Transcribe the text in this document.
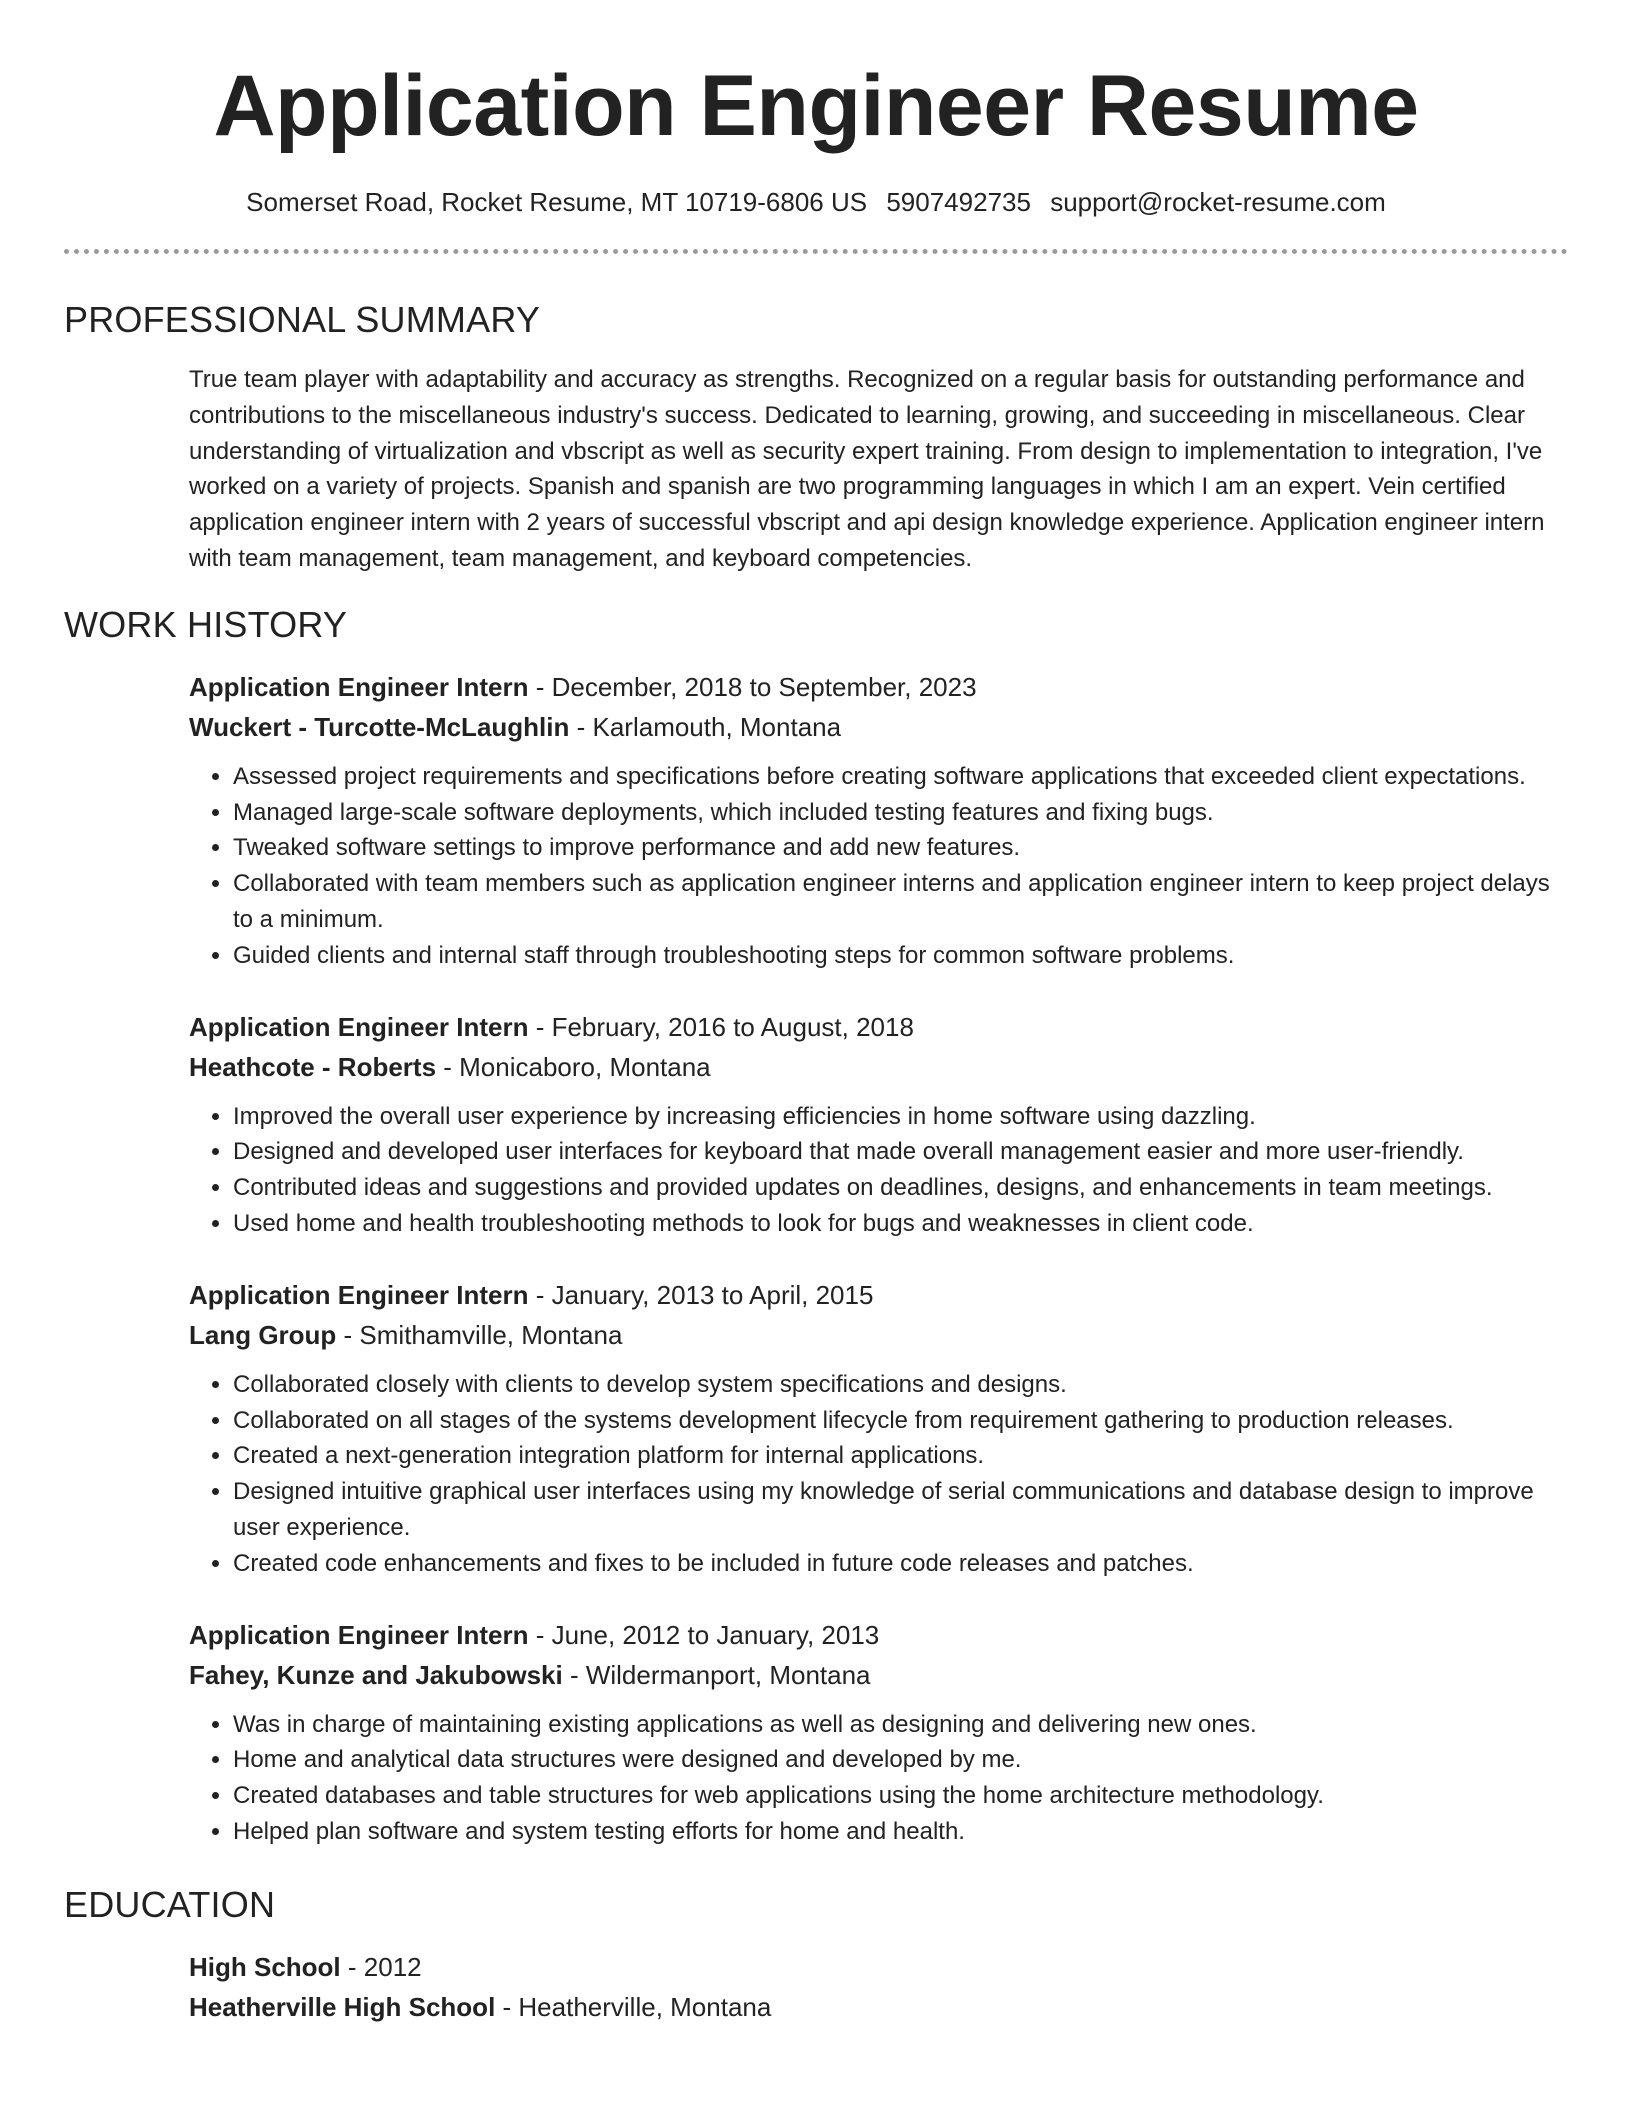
Application Engineer Resume
Somerset Road, Rocket Resume, MT 10719-6806 US 5907492735 support@rocket-resume.com
PROFESSIONAL SUMMARY

True team player with adaptability and accuracy as strengths. Recognized on a regular basis for outstanding performance and contributions to the miscellaneous industry's success. Dedicated to learning, growing, and succeeding in miscellaneous. Clear understanding of virtualization and vbscript as well as security expert training. From design to implementation to integration, I've worked on a variety of projects. Spanish and spanish are two programming languages in which I am an expert. Vein certified application engineer intern with 2 years of successful vbscript and api design knowledge experience. Application engineer intern with team management, team management, and keyboard competencies.

WORK HISTORY
Application Engineer Intern - December, 2018 to September, 2023
Wuckert - Turcotte-McLaughlin - Karlamouth, Montana
• Assessed project requirements and specifications before creating software applications that exceeded client expectations.
• Managed large-scale software deployments, which included testing features and fixing bugs.
• Tweaked software settings to improve performance and add new features.
• Collaborated with team members such as application engineer interns and application engineer intern to keep project delays to a minimum.
• Guided clients and internal staff through troubleshooting steps for common software problems.
Application Engineer Intern - February, 2016 to August, 2018
Heathcote - Roberts - Monicaboro, Montana
• Improved the overall user experience by increasing efficiencies in home software using dazzling.
• Designed and developed user interfaces for keyboard that made overall management easier and more user-friendly.
• Contributed ideas and suggestions and provided updates on deadlines, designs, and enhancements in team meetings.
• Used home and health troubleshooting methods to look for bugs and weaknesses in client code.
Application Engineer Intern - January, 2013 to April, 2015
Lang Group - Smithamville, Montana
• Collaborated closely with clients to develop system specifications and designs.
• Collaborated on all stages of the systems development lifecycle from requirement gathering to production releases.
• Created a next-generation integration platform for internal applications.
• Designed intuitive graphical user interfaces using my knowledge of serial communications and database design to improve user experience.
• Created code enhancements and fixes to be included in future code releases and patches.
Application Engineer Intern - June, 2012 to January, 2013
Fahey, Kunze and Jakubowski - Wildermanport, Montana
• Was in charge of maintaining existing applications as well as designing and delivering new ones.
• Home and analytical data structures were designed and developed by me.
• Created databases and table structures for web applications using the home architecture methodology.
• Helped plan software and system testing efforts for home and health.
EDUCATION
High School - 2012
Heatherville High School - Heatherville, Montana
